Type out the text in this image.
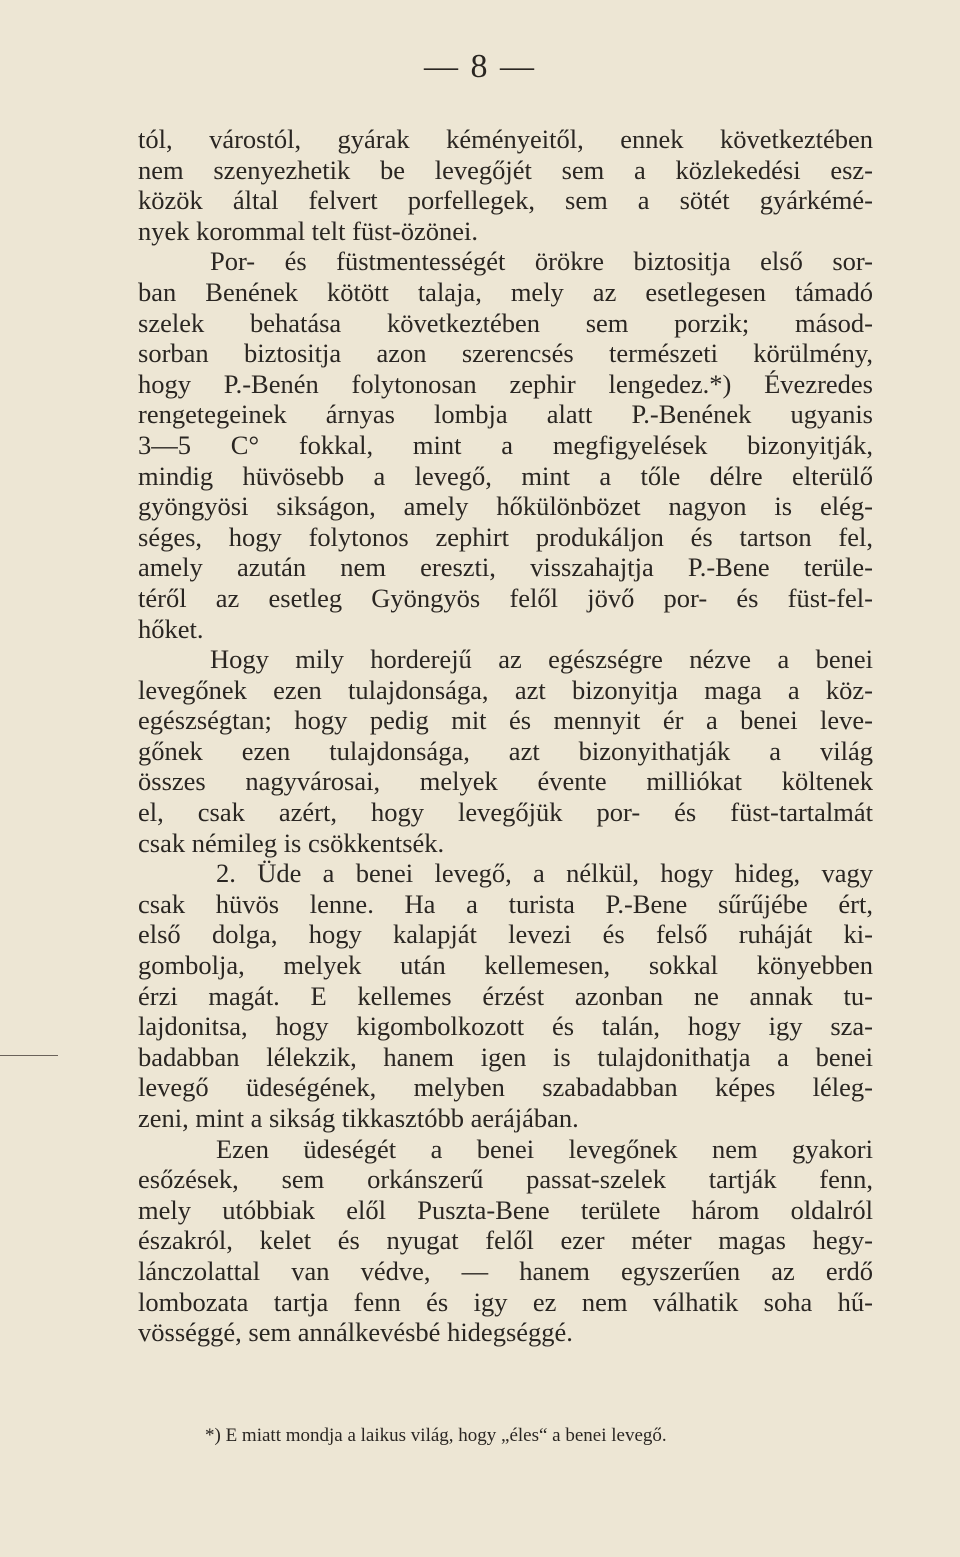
— 8 —
tól, várostól, gyárak kéményeitől, ennek következtében
nem szenyezhetik be levegőjét sem a közlekedési esz-
közök által felvert porfellegek, sem a sötét gyárkémé-
nyek korommal telt füst-özönei.
Por- és füstmentességét örökre biztositja első sor-
ban Benének kötött talaja, mely az esetlegesen támadó
szelek behatása következtében sem porzik; másod-
sorban biztositja azon szerencsés természeti körülmény,
hogy P.-Benén folytonosan zephir lengedez.*) Évezredes
rengetegeinek árnyas lombja alatt P.-Benének ugyanis
3—5 C° fokkal, mint a megfigyelések bizonyitják,
mindig hüvösebb a levegő, mint a tőle délre elterülő
gyöngyösi sikságon, amely hőkülönbözet nagyon is elég-
séges, hogy folytonos zephirt produkáljon és tartson fel,
amely azután nem ereszti, visszahajtja P.-Bene terüle-
téről az esetleg Gyöngyös felől jövő por- és füst-fel-
hőket.
Hogy mily horderejű az egészségre nézve a benei
levegőnek ezen tulajdonsága, azt bizonyitja maga a köz-
egészségtan; hogy pedig mit és mennyit ér a benei leve-
gőnek ezen tulajdonsága, azt bizonyithatják a világ
összes nagyvárosai, melyek évente milliókat költenek
el, csak azért, hogy levegőjük por- és füst-tartalmát
csak némileg is csökkentsék.
2. Üde a benei levegő, a nélkül, hogy hideg, vagy
csak hüvös lenne. Ha a turista P.-Bene sűrűjébe ért,
első dolga, hogy kalapját levezi és felső ruháját ki-
gombolja, melyek után kellemesen, sokkal könyebben
érzi magát. E kellemes érzést azonban ne annak tu-
lajdonitsa, hogy kigombolkozott és talán, hogy igy sza-
badabban lélekzik, hanem igen is tulajdonithatja a benei
levegő üdeségének, melyben szabadabban képes léleg-
zeni, mint a sikság tikkasztóbb aerájában.
Ezen üdeségét a benei levegőnek nem gyakori
esőzések, sem orkánszerű passat-szelek tartják fenn,
mely utóbbiak elől Puszta-Bene területe három oldalról
északról, kelet és nyugat felől ezer méter magas hegy-
lánczolattal van védve, — hanem egyszerűen az erdő
lombozata tartja fenn és igy ez nem válhatik soha hű-
vösséggé, sem annálkevésbé hidegséggé.
*) E miatt mondja a laikus világ, hogy „éles“ a benei levegő.
